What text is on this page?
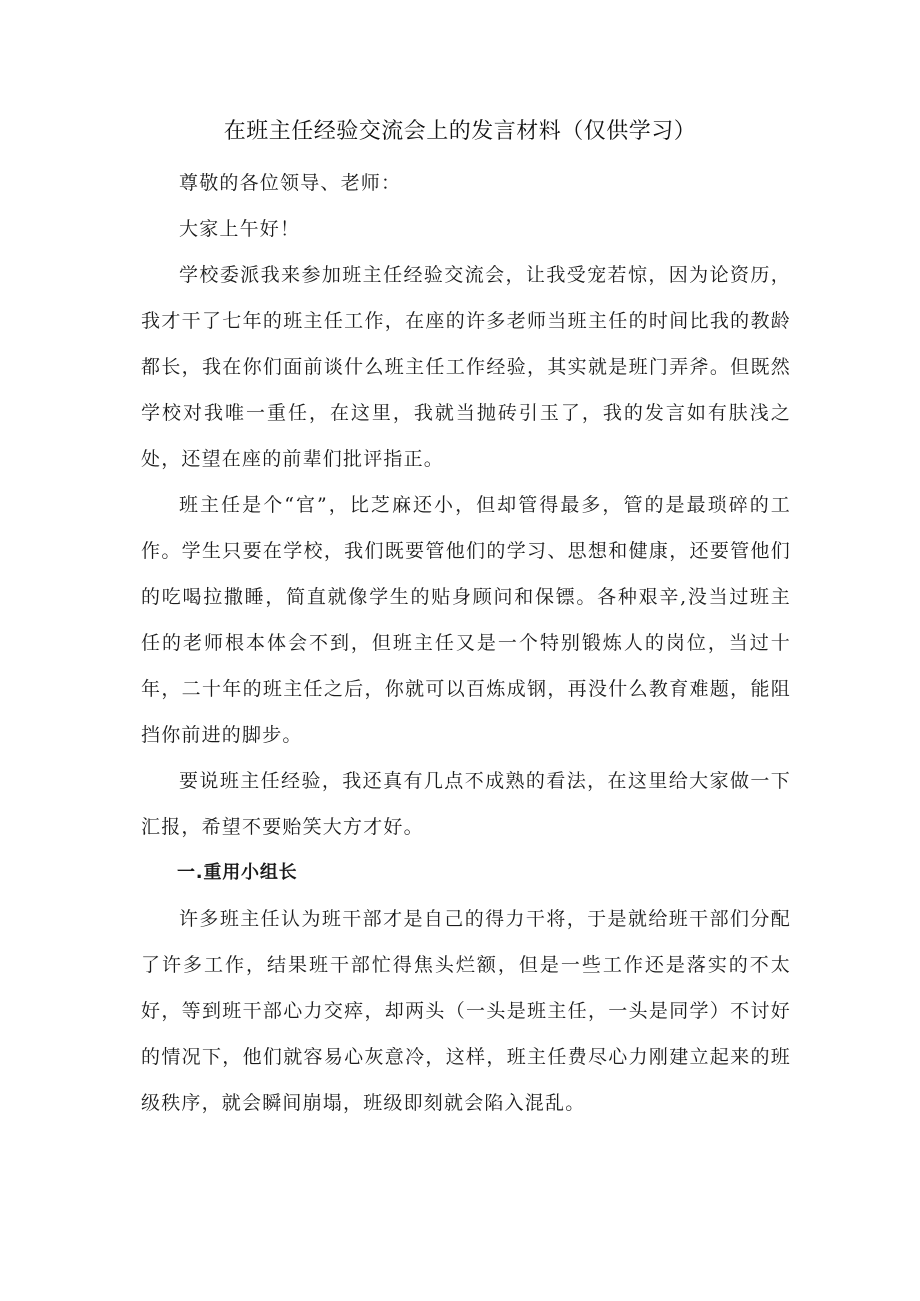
在班主任经验交流会上的发言材料（仅供学习）

尊敬的各位领导、老师：

大家上午好！

学校委派我来参加班主任经验交流会，让我受宠若惊，因为论资历，我才干了七年的班主任工作，在座的许多老师当班主任的时间比我的教龄都长，我在你们面前谈什么班主任工作经验，其实就是班门弄斧。但既然学校对我唯一重任，在这里，我就当抛砖引玉了，我的发言如有肤浅之处，还望在座的前辈们批评指正。

班主任是个“官”，比芝麻还小，但却管得最多，管的是最琐碎的工作。学生只要在学校，我们既要管他们的学习、思想和健康，还要管他们的吃喝拉撒睡，简直就像学生的贴身顾问和保镖。各种艰辛,没当过班主任的老师根本体会不到，但班主任又是一个特别锻炼人的岗位，当过十年，二十年的班主任之后，你就可以百炼成钢，再没什么教育难题，能阻挡你前进的脚步。

要说班主任经验，我还真有几点不成熟的看法，在这里给大家做一下汇报，希望不要贻笑大方才好。

一.重用小组长

许多班主任认为班干部才是自己的得力干将，于是就给班干部们分配了许多工作，结果班干部忙得焦头烂额，但是一些工作还是落实的不太好，等到班干部心力交瘁，却两头（一头是班主任，一头是同学）不讨好的情况下，他们就容易心灰意冷，这样，班主任费尽心力刚建立起来的班级秩序，就会瞬间崩塌，班级即刻就会陷入混乱。
